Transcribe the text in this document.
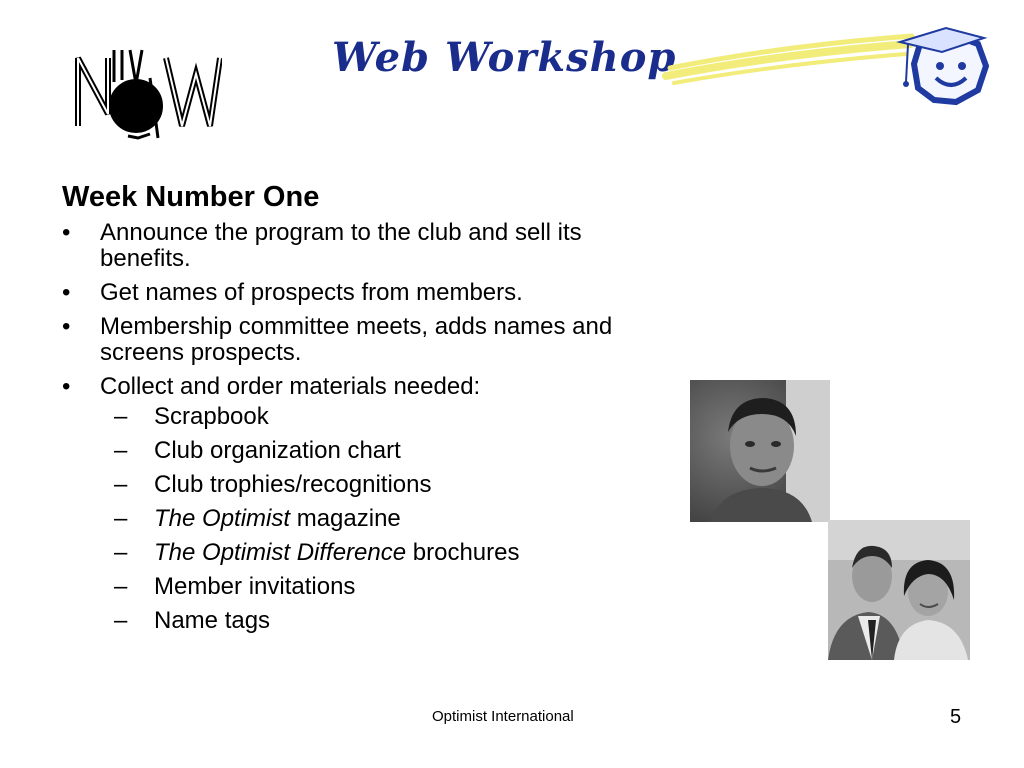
Web Workshop
Week Number One
• Announce the program to the club and sell its benefits.
• Get names of prospects from members.
• Membership committee meets, adds names and screens prospects.
• Collect and order materials needed:
– Scrapbook
– Club organization chart
– Club trophies/recognitions
– The Optimist magazine
– The Optimist Difference brochures
– Member invitations
– Name tags
Optimist International	5
